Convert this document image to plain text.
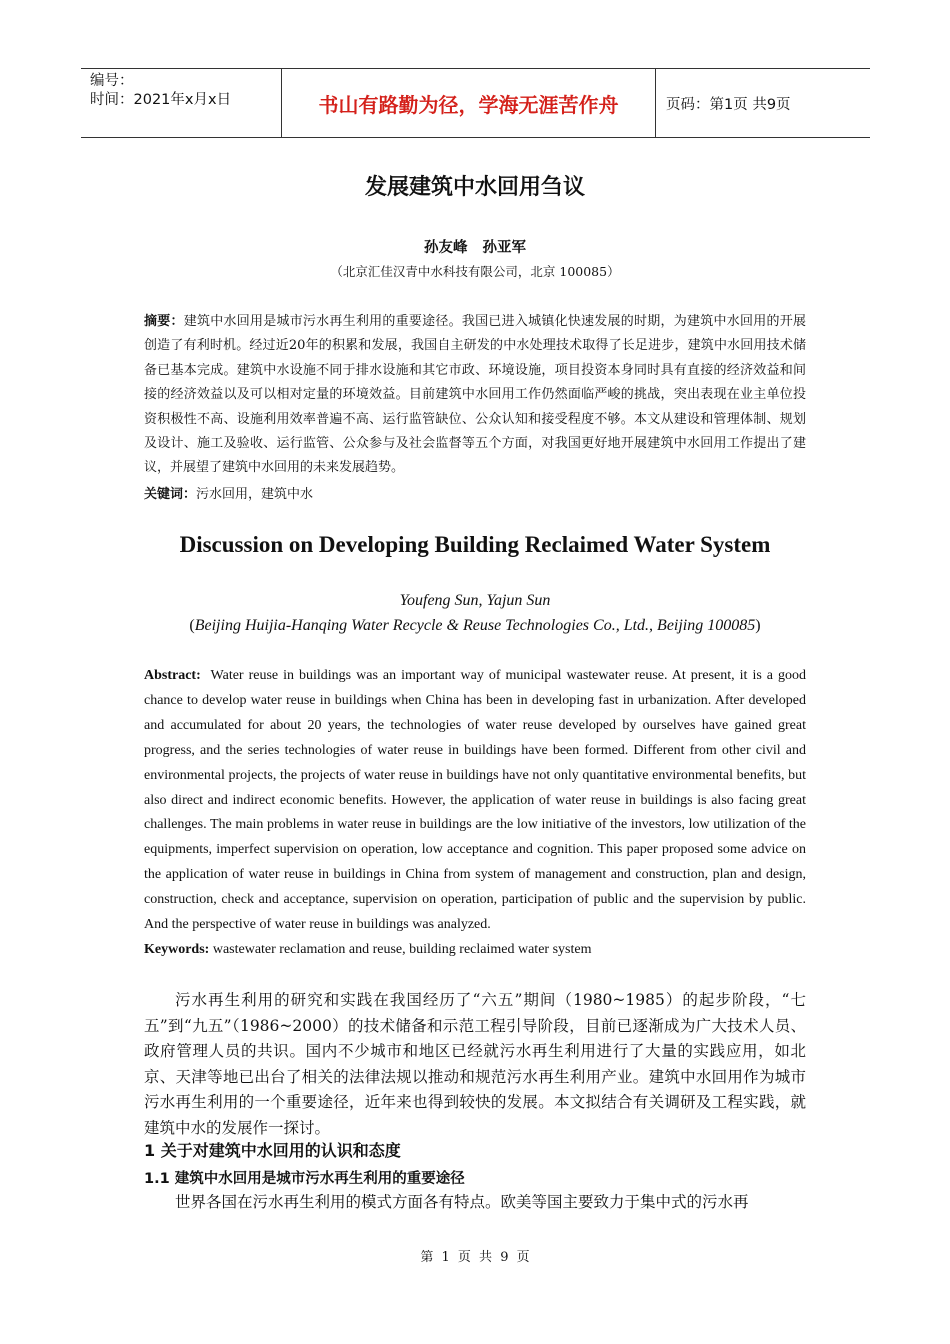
编号：
时间：2021年x月x日	书山有路勤为径，学海无涯苦作舟	页码：第1页 共9页
发展建筑中水回用刍议
孙友峰 孙亚军
（北京汇佳汉青中水科技有限公司，北京 100085）
摘要：建筑中水回用是城市污水再生利用的重要途径。我国已进入城镇化快速发展的时期，为建筑中水回用的开展创造了有利时机。经过近20年的积累和发展，我国自主研发的中水处理技术取得了长足进步，建筑中水回用技术储备已基本完成。建筑中水设施不同于排水设施和其它市政、环境设施，项目投资本身同时具有直接的经济效益和间接的经济效益以及可以相对定量的环境效益。目前建筑中水回用工作仍然面临严峻的挑战，突出表现在业主单位投资积极性不高、设施利用效率普遍不高、运行监管缺位、公众认知和接受程度不够。本文从建设和管理体制、规划及设计、施工及验收、运行监管、公众参与及社会监督等五个方面，对我国更好地开展建筑中水回用工作提出了建议，并展望了建筑中水回用的未来发展趋势。
关键词：污水回用，建筑中水
Discussion on Developing Building Reclaimed Water System
Youfeng Sun, Yajun Sun
(Beijing Huijia-Hanqing Water Recycle & Reuse Technologies Co., Ltd., Beijing 100085)
Abstract: Water reuse in buildings was an important way of municipal wastewater reuse. At present, it is a good chance to develop water reuse in buildings when China has been in developing fast in urbanization. After developed and accumulated for about 20 years, the technologies of water reuse developed by ourselves have gained great progress, and the series technologies of water reuse in buildings have been formed. Different from other civil and environmental projects, the projects of water reuse in buildings have not only quantitative environmental benefits, but also direct and indirect economic benefits. However, the application of water reuse in buildings is also facing great challenges. The main problems in water reuse in buildings are the low initiative of the investors, low utilization of the equipments, imperfect supervision on operation, low acceptance and cognition. This paper proposed some advice on the application of water reuse in buildings in China from system of management and construction, plan and design, construction, check and acceptance, supervision on operation, participation of public and the supervision by public. And the perspective of water reuse in buildings was analyzed.
Keywords: wastewater reclamation and reuse, building reclaimed water system
污水再生利用的研究和实践在我国经历了“六五”期间（1980~1985）的起步阶段，“七五”到“九五”（1986~2000）的技术储备和示范工程引导阶段，目前已逐渐成为广大技术人员、政府管理人员的共识。国内不少城市和地区已经就污水再生利用进行了大量的实践应用，如北京、天津等地已出台了相关的法律法规以推动和规范污水再生利用产业。建筑中水回用作为城市污水再生利用的一个重要途径，近年来也得到较快的发展。本文拟结合有关调研及工程实践，就建筑中水的发展作一探讨。
1 关于对建筑中水回用的认识和态度
1.1 建筑中水回用是城市污水再生利用的重要途径
世界各国在污水再生利用的模式方面各有特点。欧美等国主要致力于集中式的污水再
第 1 页 共 9 页
